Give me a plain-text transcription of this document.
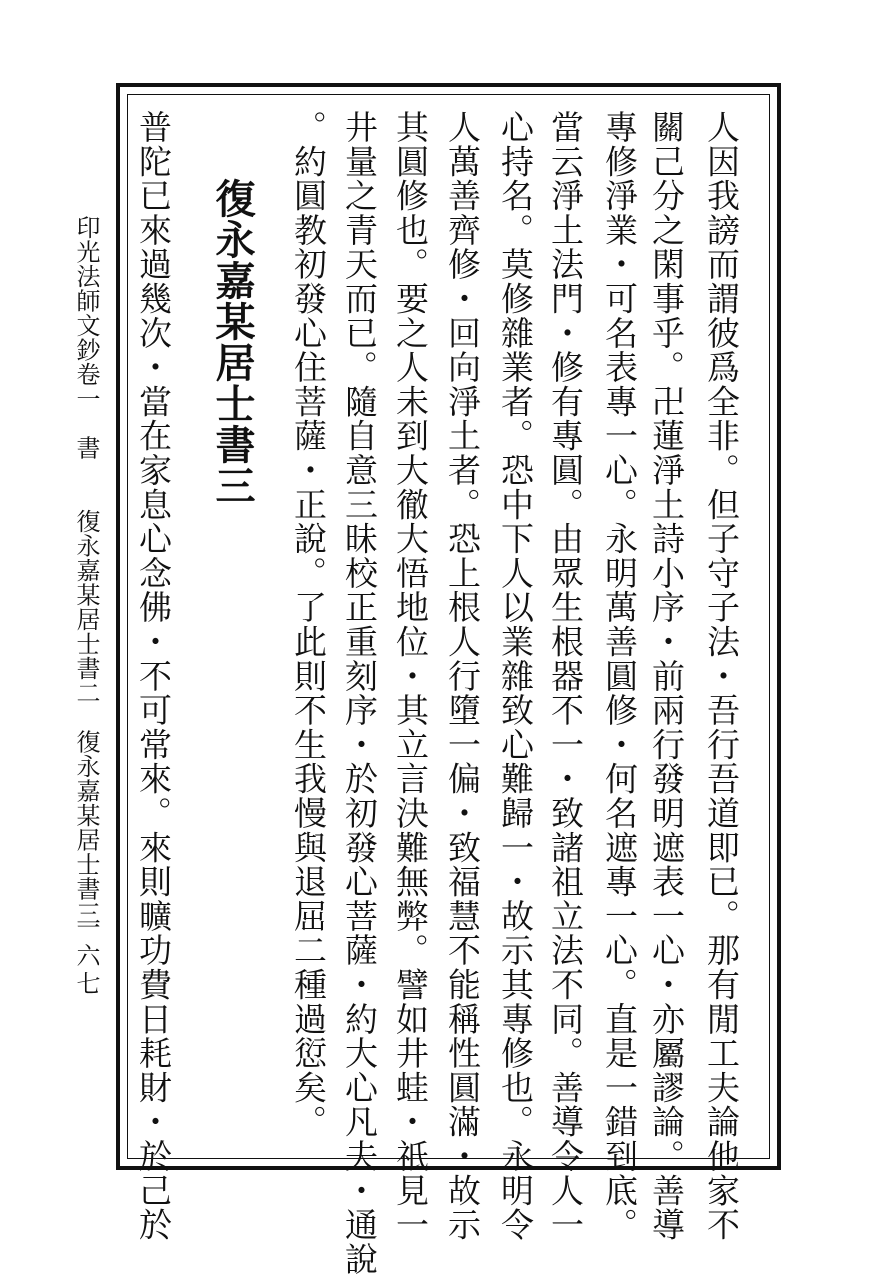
人因我謗而謂彼爲全非。但子守子法・吾行吾道即已。那有閒工夫論他家不
關己分之閑事乎。卍蓮淨土詩小序・前兩行發明遮表一心・亦屬謬論。善導
專修淨業・可名表專一心。永明萬善圓修・何名遮專一心。直是一錯到底。
當云淨土法門・修有專圓。由眾生根器不一・致諸祖立法不同。善導令人一
心持名。莫修雜業者。恐中下人以業雜致心難歸一・故示其專修也。永明令
人萬善齊修・回向淨土者。恐上根人行墮一偏・致福慧不能稱性圓滿・故示
其圓修也。要之人未到大徹大悟地位・其立言決難無弊。譬如井蛙・祇見一
井量之青天而已。隨自意三昧校正重刻序・於初發心菩薩・約大心凡夫・通說
。約圓教初發心住菩薩・正說。了此則不生我慢與退屈二種過愆矣。
復永嘉某居士書三
普陀已來過幾次・當在家息心念佛・不可常來。來則曠功費日耗財・於己於
印光法師文鈔卷一　書　　復永嘉某居士書二　復永嘉某居士書三
一六七
